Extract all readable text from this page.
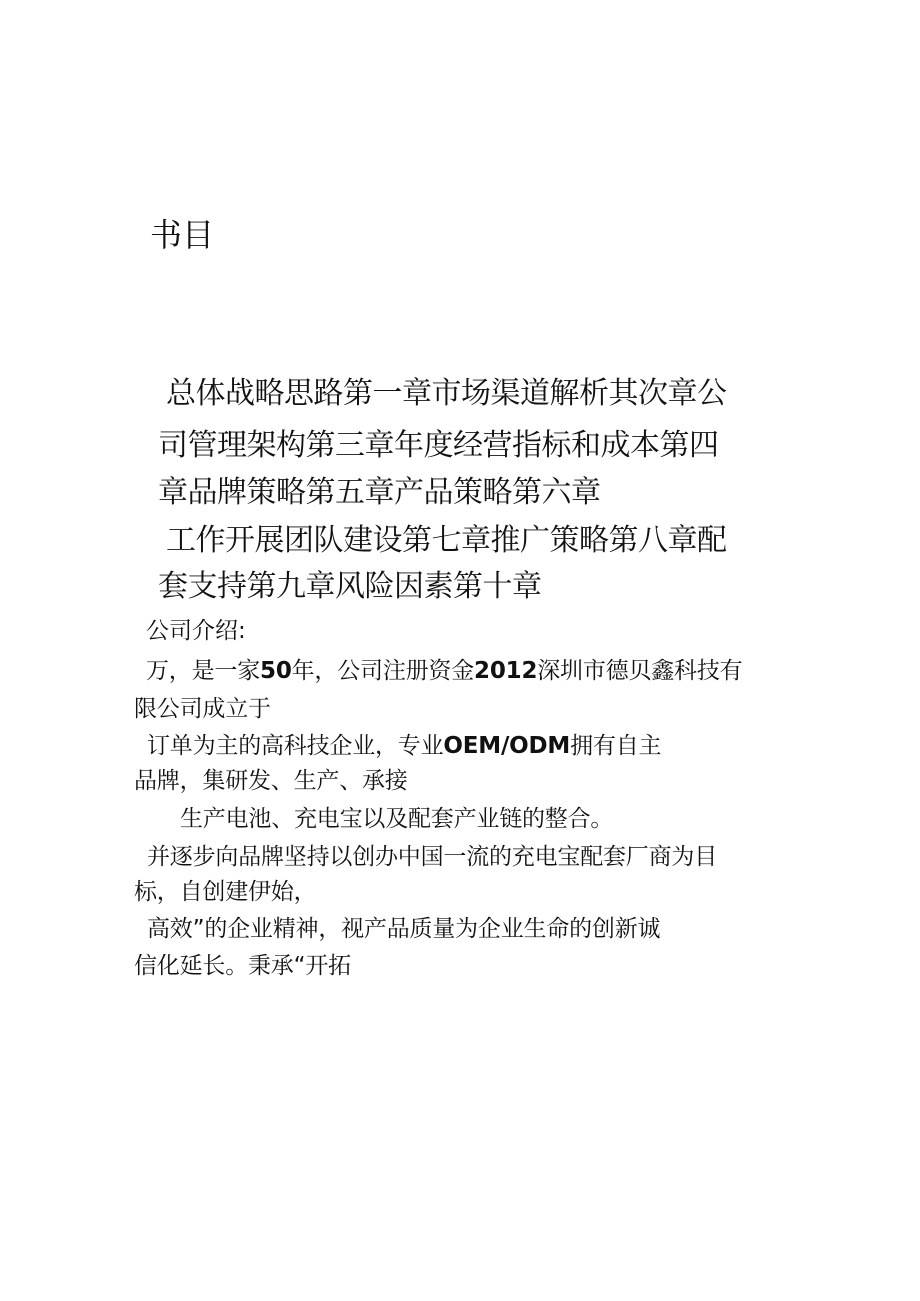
书目
总体战略思路第一章市场渠道解析其次章公
司管理架构第三章年度经营指标和成本第四
章品牌策略第五章产品策略第六章
工作开展团队建设第七章推广策略第八章配
套支持第九章风险因素第十章
公司介绍:
万，是一家50年，公司注册资金2012深圳市德贝鑫科技有
限公司成立于
订单为主的高科技企业，专业OEM/ODM拥有自主
品牌，集研发、生产、承接
生产电池、充电宝以及配套产业链的整合。
并逐步向品牌坚持以创办中国一流的充电宝配套厂商为目
标，自创建伊始，
高效”的企业精神，视产品质量为企业生命的创新诚
信化延长。秉承“开拓
